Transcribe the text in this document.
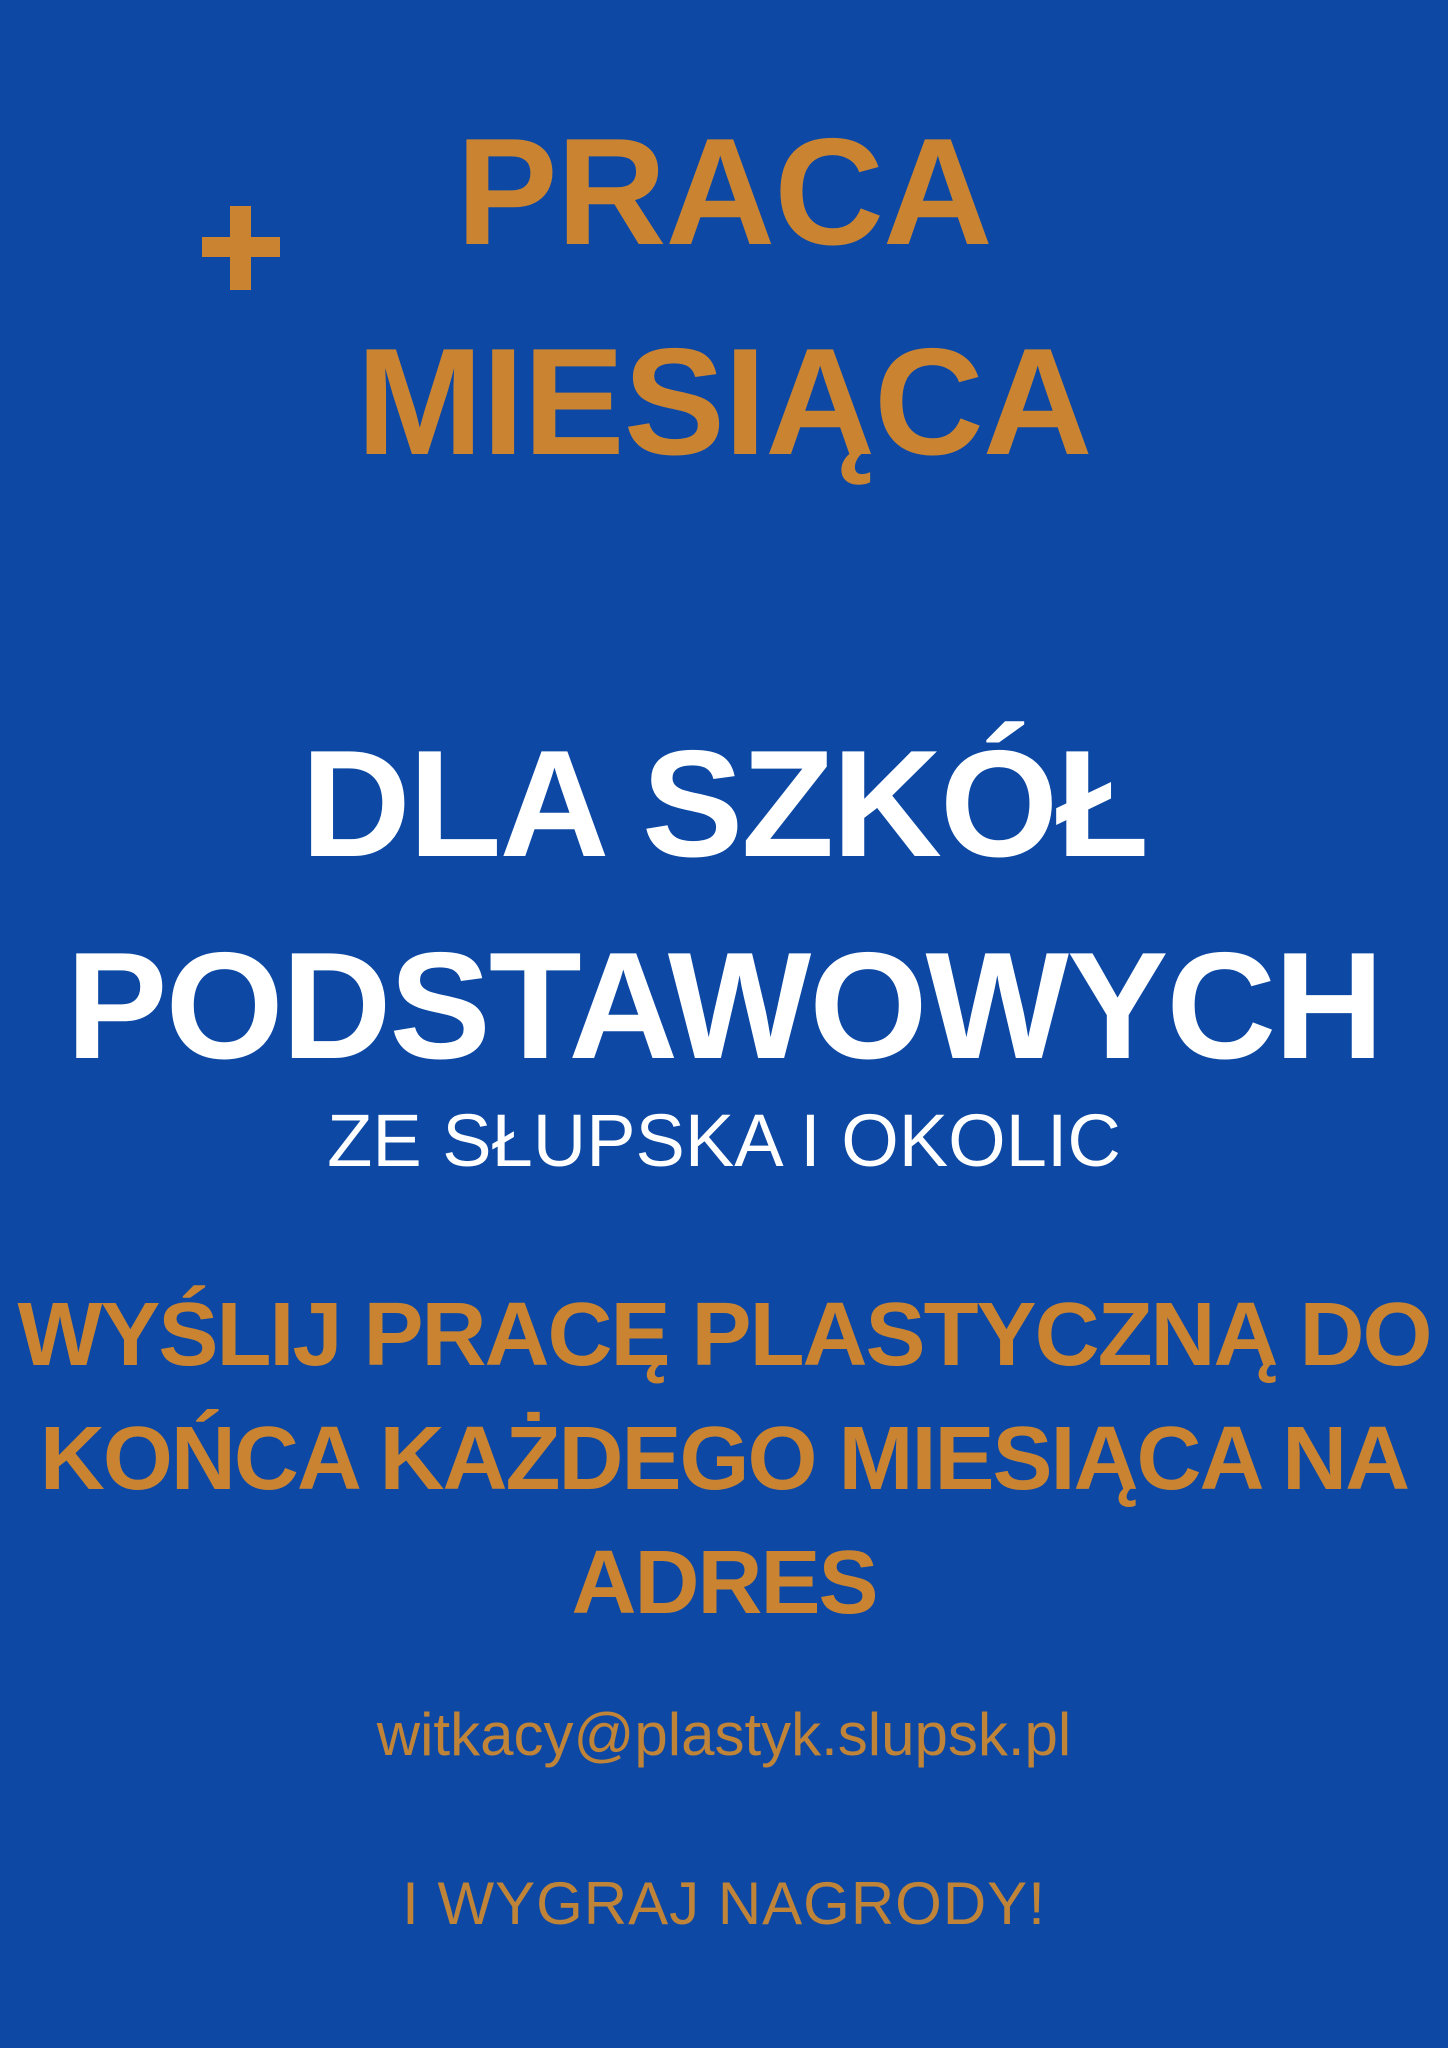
PRACA
MIESIĄCA
DLA SZKÓŁ
PODSTAWOWYCH
ZE SŁUPSKA I OKOLIC
WYŚLIJ PRACĘ PLASTYCZNĄ DO
KOŃCA KAŻDEGO MIESIĄCA NA
ADRES
witkacy@plastyk.slupsk.pl
I WYGRAJ NAGRODY!
